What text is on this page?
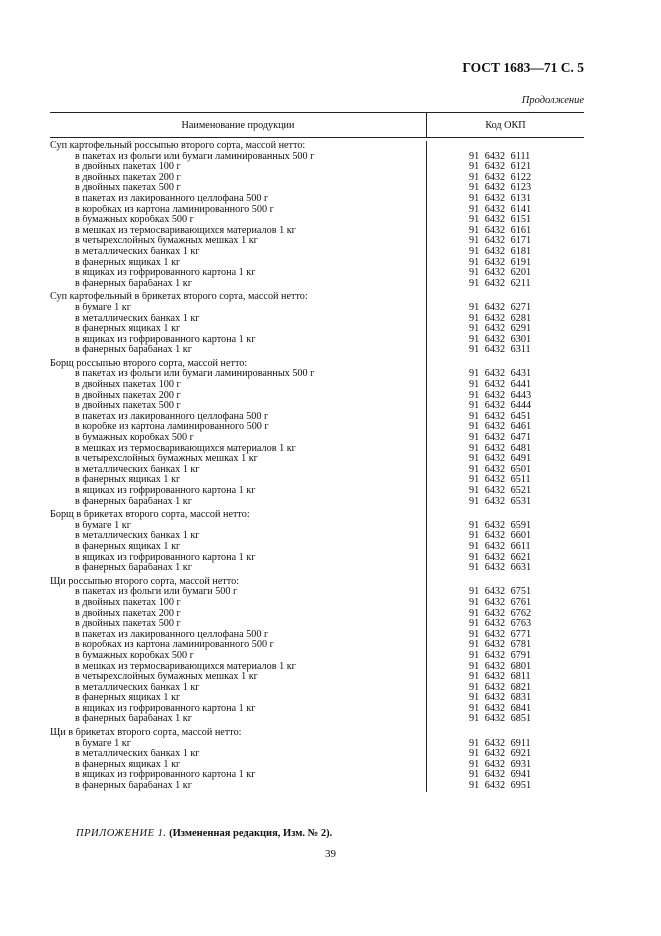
ГОСТ 1683—71 С. 5
Продолжение
Наименование продукции	Код ОКП
Суп картофельный россыпью второго сорта, массой нетто:
в пакетах из фольги или бумаги ламинированных 500 г	91 6432 6111
в двойных пакетах 100 г	91 6432 6121
в двойных пакетах 200 г	91 6432 6122
в двойных пакетах 500 г	91 6432 6123
в пакетах из лакированного целлофана 500 г	91 6432 6131
в коробках из картона ламинированного 500 г	91 6432 6141
в бумажных коробках 500 г	91 6432 6151
в мешках из термосваривающихся материалов 1 кг	91 6432 6161
в четырехслойных бумажных мешках 1 кг	91 6432 6171
в металлических банках 1 кг	91 6432 6181
в фанерных ящиках 1 кг	91 6432 6191
в ящиках из гофрированного картона 1 кг	91 6432 6201
в фанерных барабанах 1 кг	91 6432 6211
Суп картофельный в брикетах второго сорта, массой нетто:
в бумаге 1 кг	91 6432 6271
в металлических банках 1 кг	91 6432 6281
в фанерных ящиках 1 кг	91 6432 6291
в ящиках из гофрированного картона 1 кг	91 6432 6301
в фанерных барабанах 1 кг	91 6432 6311
Борщ россыпью второго сорта, массой нетто:
в пакетах из фольги или бумаги ламинированных 500 г	91 6432 6431
в двойных пакетах 100 г	91 6432 6441
в двойных пакетах 200 г	91 6432 6443
в двойных пакетах 500 г	91 6432 6444
в пакетах из лакированного целлофана 500 г	91 6432 6451
в коробке из картона ламинированного 500 г	91 6432 6461
в бумажных коробках 500 г	91 6432 6471
в мешках из термосваривающихся материалов 1 кг	91 6432 6481
в четырехслойных бумажных мешках 1 кг	91 6432 6491
в металлических банках 1 кг	91 6432 6501
в фанерных ящиках 1 кг	91 6432 6511
в ящиках из гофрированного картона 1 кг	91 6432 6521
в фанерных барабанах 1 кг	91 6432 6531
Борщ в брикетах второго сорта, массой нетто:
в бумаге 1 кг	91 6432 6591
в металлических банках 1 кг	91 6432 6601
в фанерных ящиках 1 кг	91 6432 6611
в ящиках из гофрированного картона 1 кг	91 6432 6621
в фанерных барабанах 1 кг	91 6432 6631
Щи россыпью второго сорта, массой нетто:
в пакетах из фольги или бумаги 500 г	91 6432 6751
в двойных пакетах 100 г	91 6432 6761
в двойных пакетах 200 г	91 6432 6762
в двойных пакетах 500 г	91 6432 6763
в пакетах из лакированного целлофана 500 г	91 6432 6771
в коробках из картона ламинированного 500 г	91 6432 6781
в бумажных коробках 500 г	91 6432 6791
в мешках из термосваривающихся материалов 1 кг	91 6432 6801
в четырехслойных бумажных мешках 1 кг	91 6432 6811
в металлических банках 1 кг	91 6432 6821
в фанерных ящиках 1 кг	91 6432 6831
в ящиках из гофрированного картона 1 кг	91 6432 6841
в фанерных барабанах 1 кг	91 6432 6851
Щи в брикетах второго сорта, массой нетто:
в бумаге 1 кг	91 6432 6911
в металлических банках 1 кг	91 6432 6921
в фанерных ящиках 1 кг	91 6432 6931
в ящиках из гофрированного картона 1 кг	91 6432 6941
в фанерных барабанах 1 кг	91 6432 6951
ПРИЛОЖЕНИЕ 1. (Измененная редакция, Изм. № 2).
39
